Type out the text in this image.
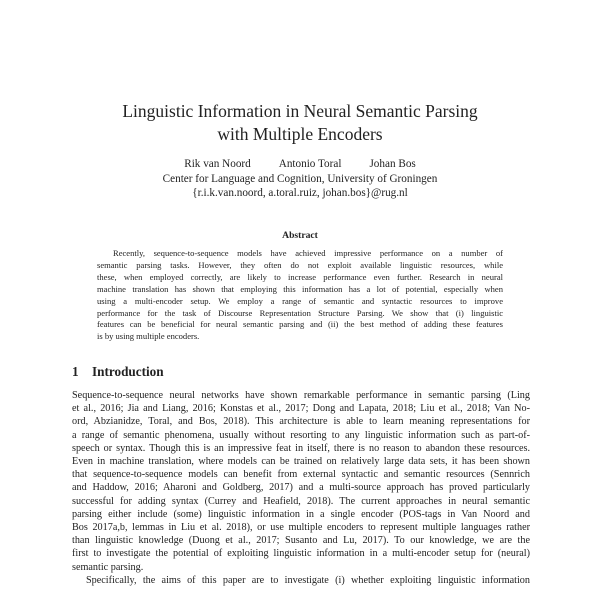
Linguistic Information in Neural Semantic Parsing
with Multiple Encoders
Rik van Noord	Antonio Toral	Johan Bos
Center for Language and Cognition, University of Groningen
{r.i.k.van.noord, a.toral.ruiz, johan.bos}@rug.nl
Abstract
Recently, sequence-to-sequence models have achieved impressive performance on a number of
semantic parsing tasks. However, they often do not exploit available linguistic resources, while
these, when employed correctly, are likely to increase performance even further. Research in neural
machine translation has shown that employing this information has a lot of potential, especially when
using a multi-encoder setup. We employ a range of semantic and syntactic resources to improve
performance for the task of Discourse Representation Structure Parsing. We show that (i) linguistic
features can be beneficial for neural semantic parsing and (ii) the best method of adding these features
is by using multiple encoders.
1 Introduction
Sequence-to-sequence neural networks have shown remarkable performance in semantic parsing (Ling
et al., 2016; Jia and Liang, 2016; Konstas et al., 2017; Dong and Lapata, 2018; Liu et al., 2018; Van No-
ord, Abzianidze, Toral, and Bos, 2018). This architecture is able to learn meaning representations for
a range of semantic phenomena, usually without resorting to any linguistic information such as part-of-
speech or syntax. Though this is an impressive feat in itself, there is no reason to abandon these resources.
Even in machine translation, where models can be trained on relatively large data sets, it has been shown
that sequence-to-sequence models can benefit from external syntactic and semantic resources (Sennrich
and Haddow, 2016; Aharoni and Goldberg, 2017) and a multi-source approach has proved particularly
successful for adding syntax (Currey and Heafield, 2018). The current approaches in neural semantic
parsing either include (some) linguistic information in a single encoder (POS-tags in Van Noord and
Bos 2017a,b, lemmas in Liu et al. 2018), or use multiple encoders to represent multiple languages rather
than linguistic knowledge (Duong et al., 2017; Susanto and Lu, 2017). To our knowledge, we are the
first to investigate the potential of exploiting linguistic information in a multi-encoder setup for (neural)
semantic parsing.
Specifically, the aims of this paper are to investigate (i) whether exploiting linguistic information
